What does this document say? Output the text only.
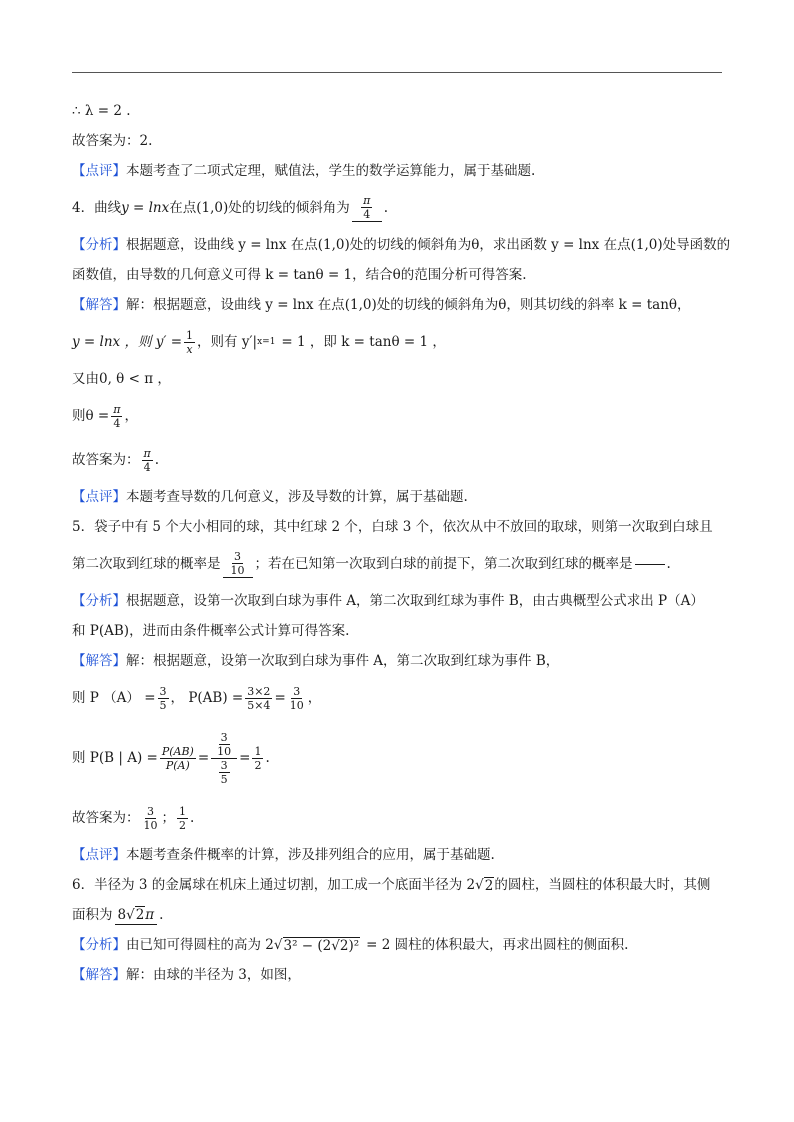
∴ λ = 2 .
故答案为：2.
【点评】 本题考查了二项式定理，赋值法，学生的数学运算能力，属于基础题.
4．曲线 y = lnx 在点(1,0)处的切线的倾斜角为 $\frac{\pi}{4}$ .
【分析】 根据题意，设曲线 y = lnx 在点(1,0)处的切线的倾斜角为θ，求出函数 y = lnx 在点(1,0)处导函数的
函数值，由导数的几何意义可得 k = tanθ = 1，结合θ的范围分析可得答案.
【解答】 解：根据题意，设曲线 y = lnx 在点(1,0)处的切线的倾斜角为θ，则其切线的斜率 k = tanθ，
y = lnx ，则 $y' = \frac{1}{x}$ ，则有 y′| x=1 = 1 ，即 k = tanθ = 1 ，
又由0, θ < π ，
则$\theta = \frac{\pi}{4}$ ，
故答案为： $\frac{\pi}{4}$ .
【点评】 本题考查导数的几何意义，涉及导数的计算，属于基础题.
5．袋子中有 5 个大小相同的球，其中红球 2 个，白球 3 个，依次从中不放回的取球，则第一次取到白球且
第二次取到红球的概率是 $\frac{3}{10}$ ；若在已知第一次取到白球的前提下，第二次取到红球的概率是	.
【分析】 根据题意，设第一次取到白球为事件 A，第二次取到红球为事件 B，由古典概型公式求出 P（A）
和 P(AB)，进而由条件概率公式计算可得答案.
【解答】 解：根据题意，设第一次取到白球为事件 A，第二次取到红球为事件 B，
则 P $(A) = \frac{3}{5}$ ， $P(AB) = \frac{3\times 2}{5\times 4} = \frac{3}{10}$ ，
则 P(B | $A) = \frac{P(AB)}{P(A)} = \frac{\frac{3}{10}}{\frac{3}{5}} = \frac{1}{2}$ .
故答案为： $\frac{3}{10}$ ； $\frac{1}{2}$ .
【点评】 本题考查条件概率的计算，涉及排列组合的应用，属于基础题.
6．半径为 3 的金属球在机床上通过切割，加工成一个底面半径为 2 √ 2 的圆柱，当圆柱的体积最大时，其侧
面积为 8√ 2 π .
【分析】 由已知可得圆柱的高为 2 √ 3² − (2√2)² = 2 圆柱的体积最大，再求出圆柱的侧面积.
【解答】 解：由球的半径为 3，如图，
